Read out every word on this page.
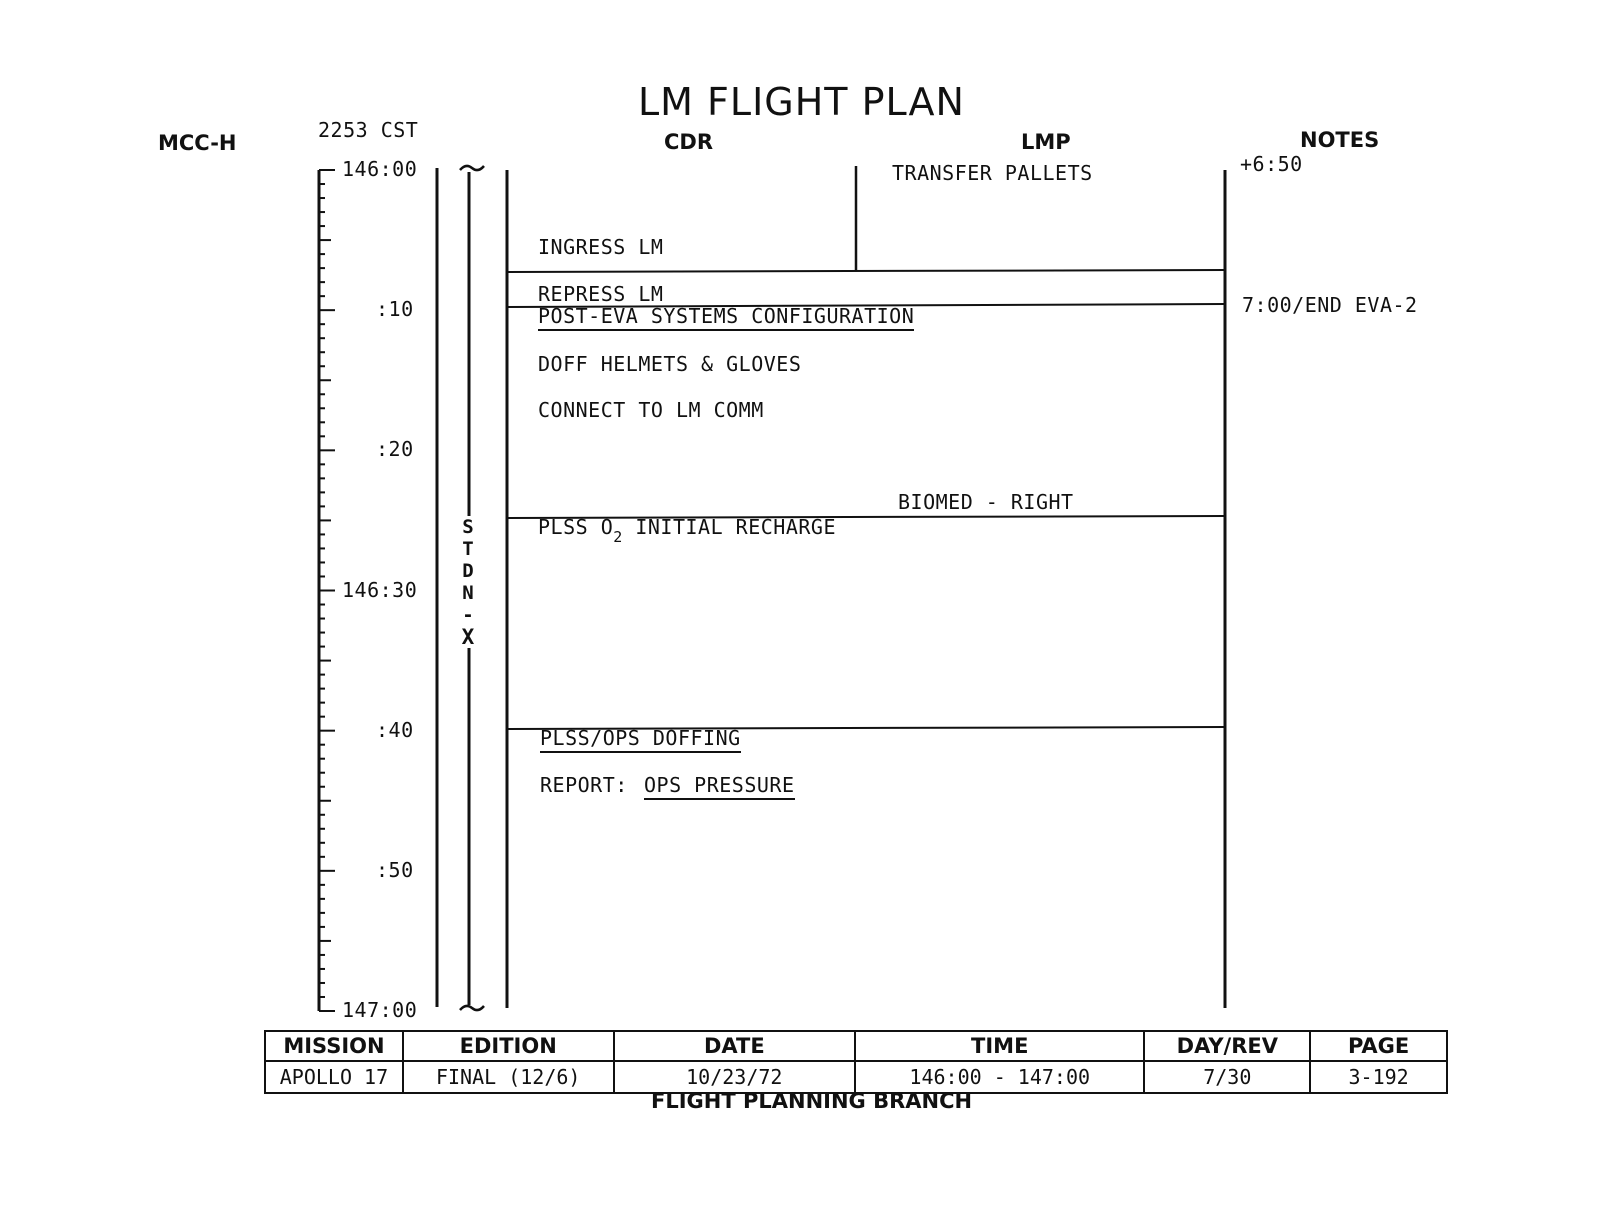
LM FLIGHT PLAN
MCC-H
2253 CST	CDR	LMP	NOTES
146:00
:10
:20
146:30
:40
:50
147:00
S
T
D
N
-
X
TRANSFER PALLETS
INGRESS LM
REPRESS LM
POST-EVA SYSTEMS CONFIGURATION
DOFF HELMETS & GLOVES
CONNECT TO LM COMM
BIOMED - RIGHT
PLSS $O_2$ INITIAL RECHARGE
PLSS/OPS DOFFING
REPORT: OPS PRESSURE
+6:50
7:00/END EVA-2
MISSION	EDITION	DATE	TIME	DAY/REV	PAGE
APOLLO 17	FINAL (12/6)	10/23/72	146:00 - 147:00	7/30	3-192
FLIGHT PLANNING BRANCH
